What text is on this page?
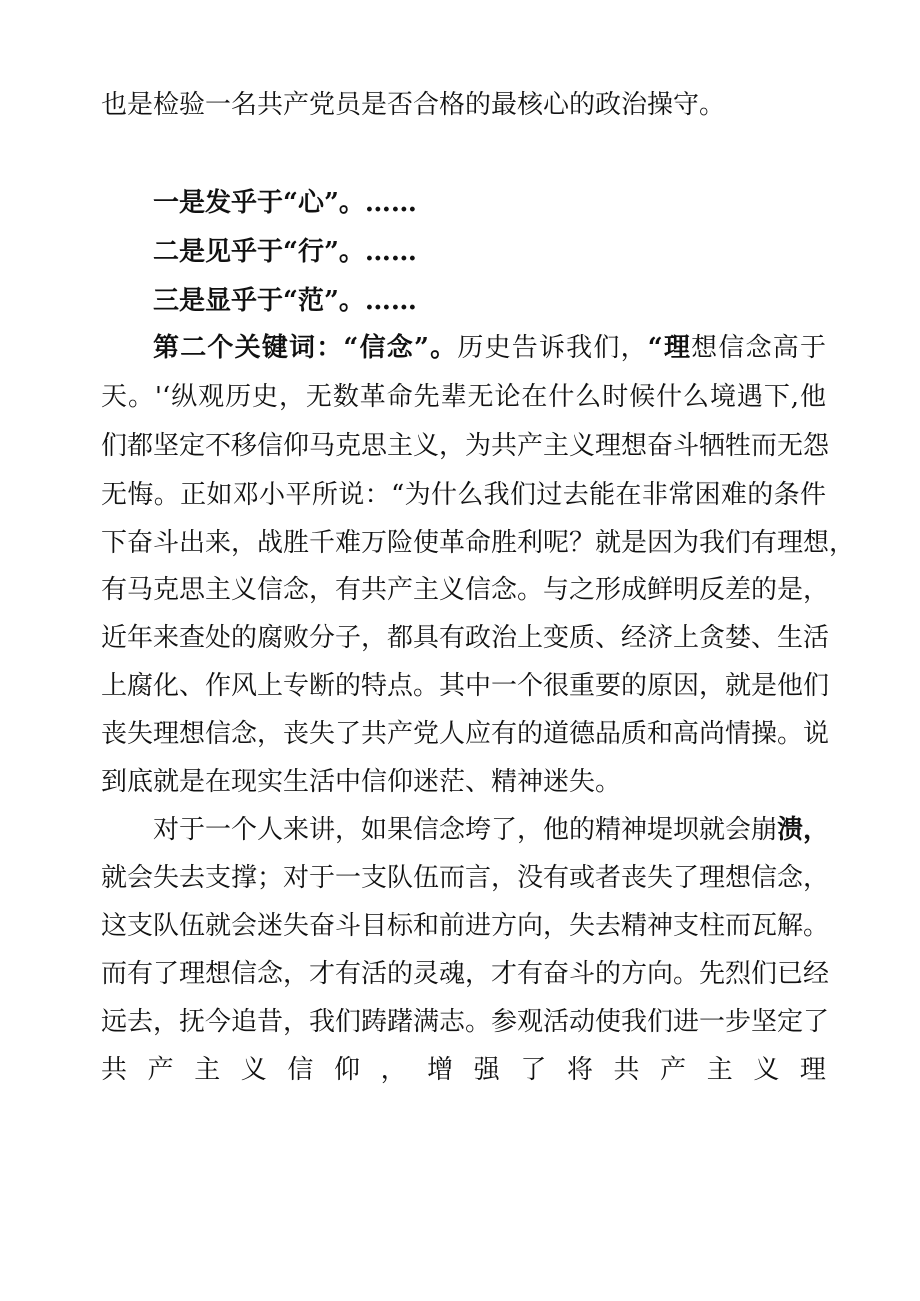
也是检验一名共产党员是否合格的最核心的政治操守。
一是发乎于“心”。……
二是见乎于“行”。……
三是显乎于“范”。……
第二个关键词：“信念”。历史告诉我们，“理想信念高于
天。'‘纵观历史，无数革命先辈无论在什么时候什么境遇下,他
们都坚定不移信仰马克思主义，为共产主义理想奋斗牺牲而无怨
无悔。正如邓小平所说：“为什么我们过去能在非常困难的条件
下奋斗出来，战胜千难万险使革命胜利呢？就是因为我们有理想，
有马克思主义信念，有共产主义信念。与之形成鲜明反差的是，
近年来查处的腐败分子，都具有政治上变质、经济上贪婪、生活
上腐化、作风上专断的特点。其中一个很重要的原因，就是他们
丧失理想信念，丧失了共产党人应有的道德品质和高尚情操。说
到底就是在现实生活中信仰迷茫、精神迷失。
对于一个人来讲，如果信念垮了，他的精神堤坝就会崩溃，
就会失去支撑；对于一支队伍而言，没有或者丧失了理想信念，
这支队伍就会迷失奋斗目标和前进方向，失去精神支柱而瓦解。
而有了理想信念，才有活的灵魂，才有奋斗的方向。先烈们已经
远去，抚今追昔，我们踌躇满志。参观活动使我们进一步坚定了
共 产 主 义 信 仰 ， 增 强 了 将 共 产 主 义 理
